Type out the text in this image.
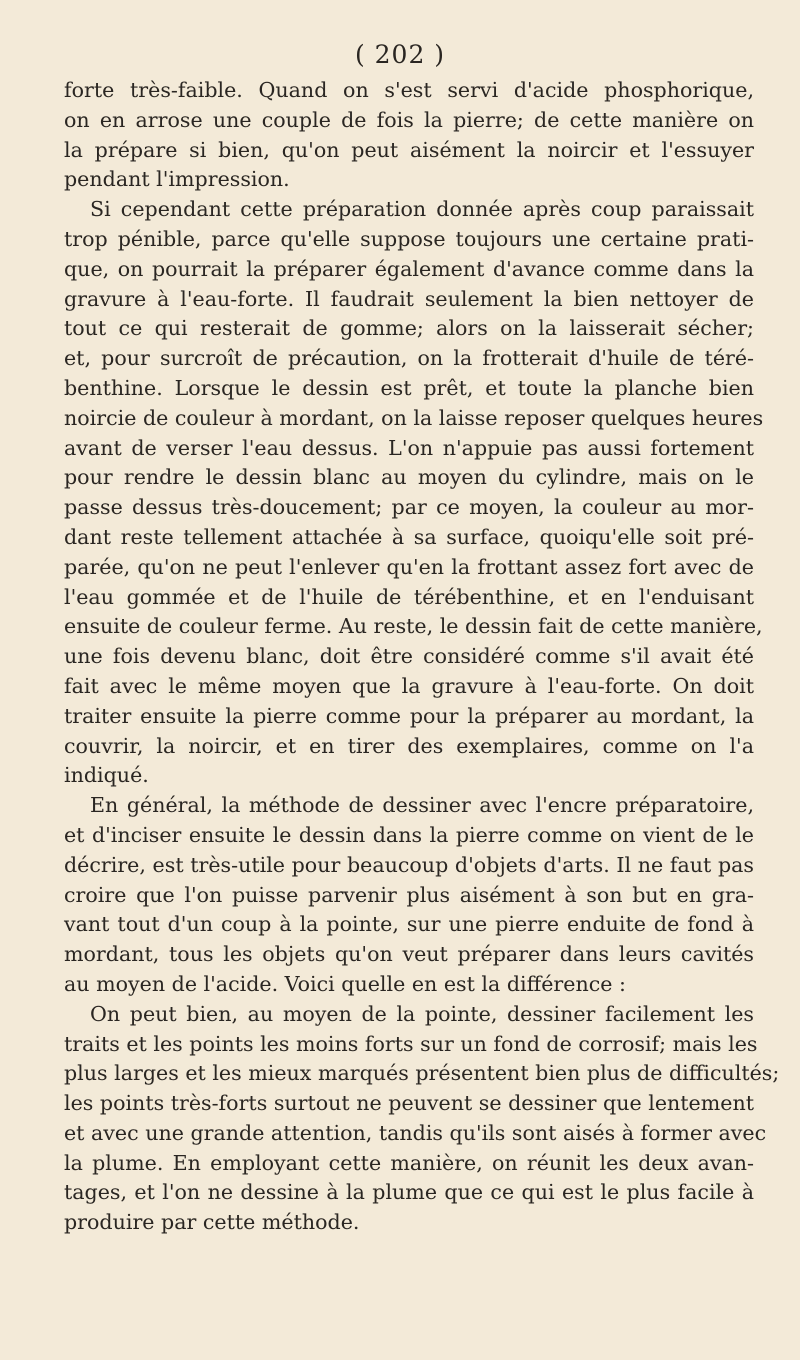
( 202 )
forte très-faible. Quand on s'est servi d'acide phosphorique,
on en arrose une couple de fois la pierre; de cette manière on
la prépare si bien, qu'on peut aisément la noircir et l'essuyer
pendant l'impression.
Si cependant cette préparation donnée après coup paraissait
trop pénible, parce qu'elle suppose toujours une certaine prati-
que, on pourrait la préparer également d'avance comme dans la
gravure à l'eau-forte. Il faudrait seulement la bien nettoyer de
tout ce qui resterait de gomme; alors on la laisserait sécher;
et, pour surcroît de précaution, on la frotterait d'huile de téré-
benthine. Lorsque le dessin est prêt, et toute la planche bien
noircie de couleur à mordant, on la laisse reposer quelques heures
avant de verser l'eau dessus. L'on n'appuie pas aussi fortement
pour rendre le dessin blanc au moyen du cylindre, mais on le
passe dessus très-doucement; par ce moyen, la couleur au mor-
dant reste tellement attachée à sa surface, quoiqu'elle soit pré-
parée, qu'on ne peut l'enlever qu'en la frottant assez fort avec de
l'eau gommée et de l'huile de térébenthine, et en l'enduisant
ensuite de couleur ferme. Au reste, le dessin fait de cette manière,
une fois devenu blanc, doit être considéré comme s'il avait été
fait avec le même moyen que la gravure à l'eau-forte. On doit
traiter ensuite la pierre comme pour la préparer au mordant, la
couvrir, la noircir, et en tirer des exemplaires, comme on l'a
indiqué.
En général, la méthode de dessiner avec l'encre préparatoire,
et d'inciser ensuite le dessin dans la pierre comme on vient de le
décrire, est très-utile pour beaucoup d'objets d'arts. Il ne faut pas
croire que l'on puisse parvenir plus aisément à son but en gra-
vant tout d'un coup à la pointe, sur une pierre enduite de fond à
mordant, tous les objets qu'on veut préparer dans leurs cavités
au moyen de l'acide. Voici quelle en est la différence :
On peut bien, au moyen de la pointe, dessiner facilement les
traits et les points les moins forts sur un fond de corrosif; mais les
plus larges et les mieux marqués présentent bien plus de difficultés;
les points très-forts surtout ne peuvent se dessiner que lentement
et avec une grande attention, tandis qu'ils sont aisés à former avec
la plume. En employant cette manière, on réunit les deux avan-
tages, et l'on ne dessine à la plume que ce qui est le plus facile à
produire par cette méthode.
